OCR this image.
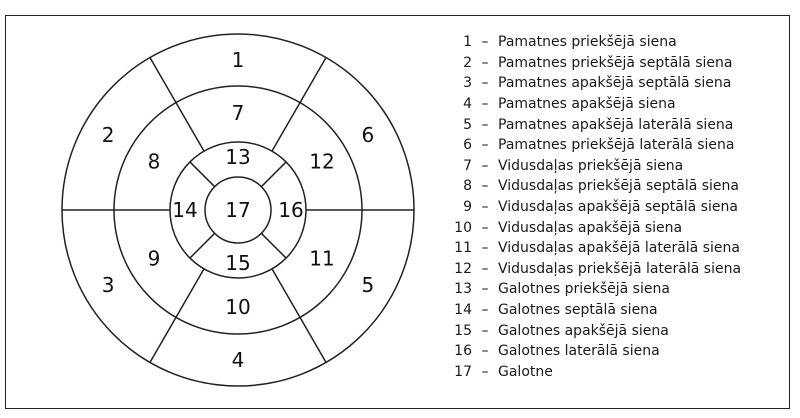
1
2
3
4
5
6
7
8
9
10
11
12
13
14
15
16
17
1 – Pamatnes priekšējā siena
2 – Pamatnes priekšējā septālā siena
3 – Pamatnes apakšējā septālā siena
4 – Pamatnes apakšējā siena
5 – Pamatnes apakšējā laterālā siena
6 – Pamatnes priekšējā laterālā siena
7 – Vidusdaļas priekšējā siena
8 – Vidusdaļas priekšējā septālā siena
9 – Vidusdaļas apakšējā septālā siena
10 – Vidusdaļas apakšējā siena
11 – Vidusdaļas apakšējā laterālā siena
12 – Vidusdaļas priekšējā laterālā siena
13 – Galotnes priekšējā siena
14 – Galotnes septālā siena
15 – Galotnes apakšējā siena
16 – Galotnes laterālā siena
17 – Galotne
